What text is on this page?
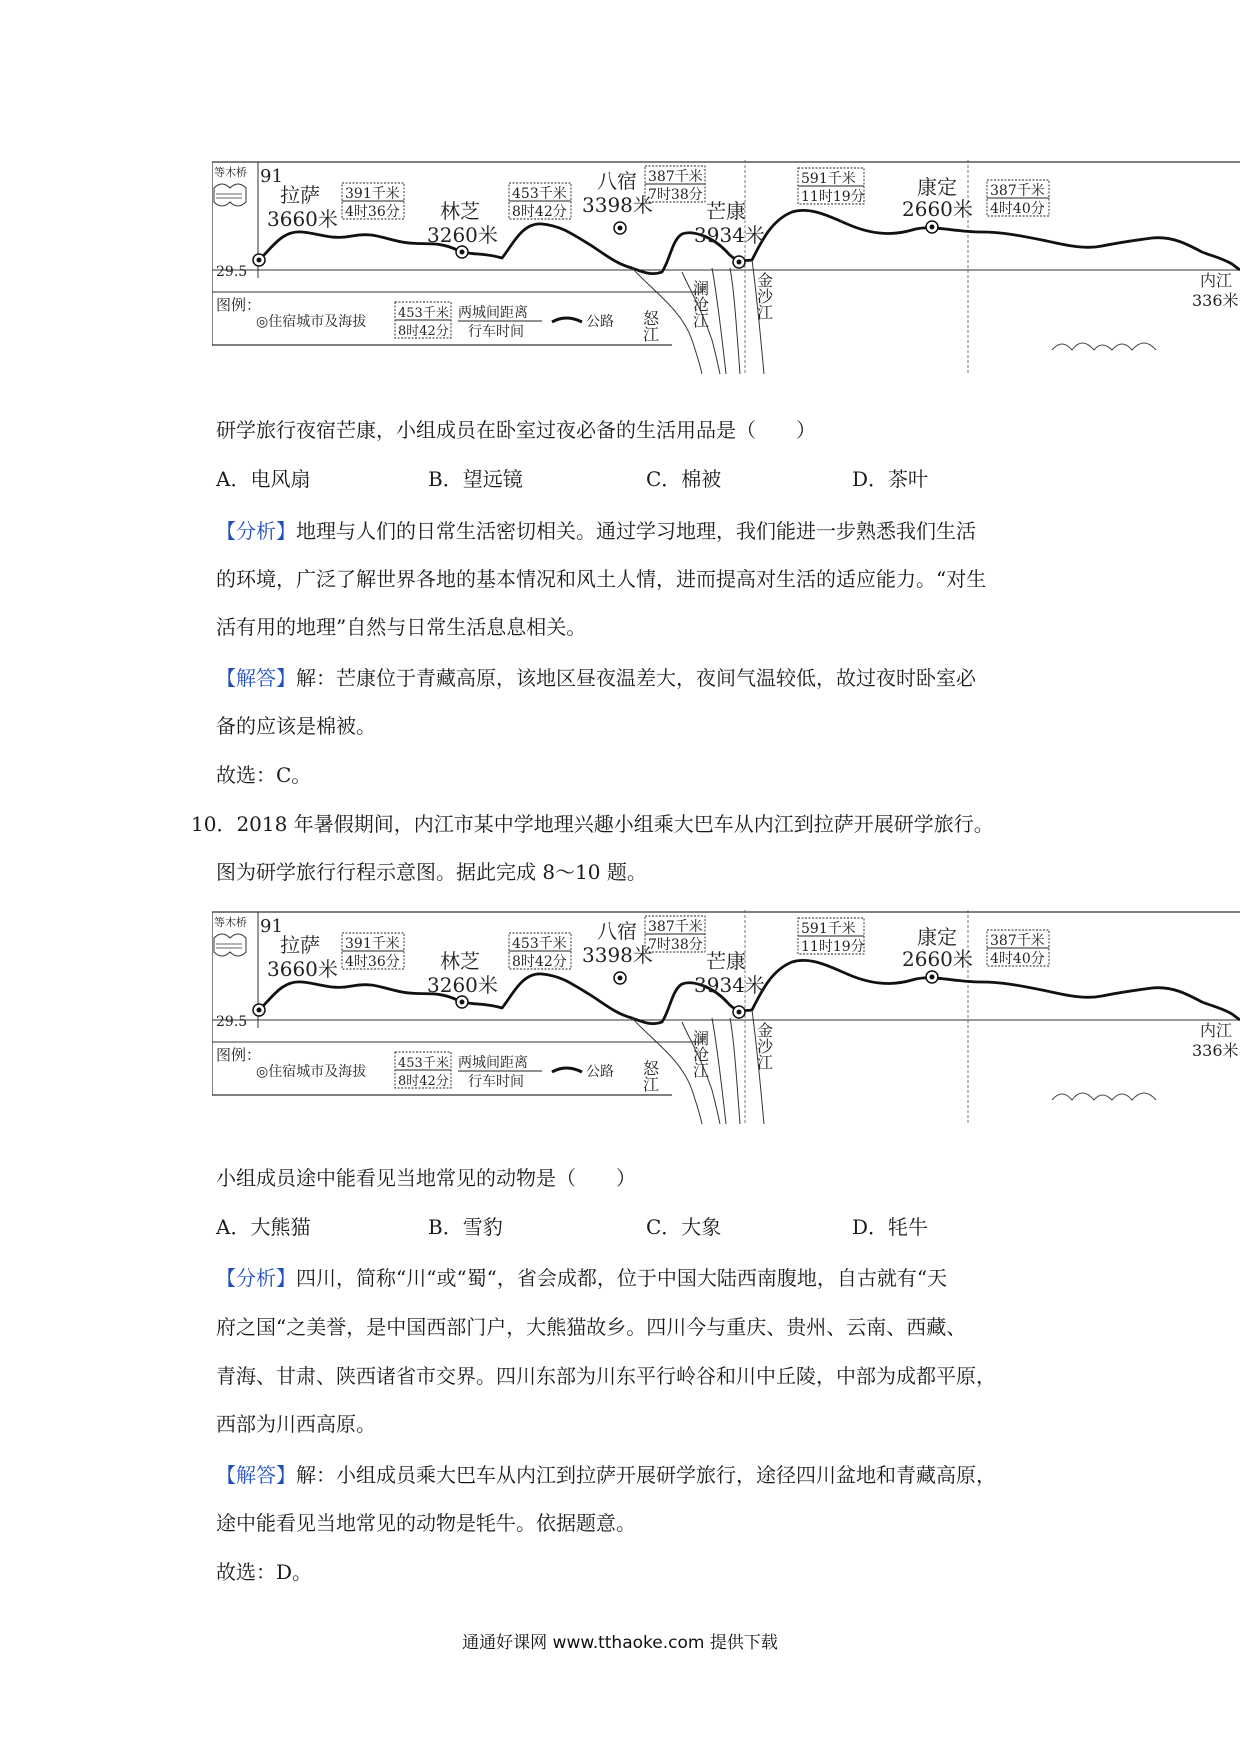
等木桥 91
29.5
拉萨
3660米	林芝
3260米
八宿
3398米	芒康
3934米
康定
2660米
内江
336米
391千米
4时36分
453千米
8时42分
387千米
7时38分
591千米
11时19分	387千米
4时40分
怒江 澜沧江	金沙江
图例：
◎住宿城市及海拔
453千米
8时42分
两城间距离
行车时间
公路
研学旅行夜宿芒康，小组成员在卧室过夜必备的生活用品是（　　）
A．电风扇	B．望远镜	C．棉被	D．茶叶
【分析】地理与人们的日常生活密切相关。通过学习地理，我们能进一步熟悉我们生活
的环境，广泛了解世界各地的基本情况和风土人情，进而提高对生活的适应能力。“对生
活有用的地理”自然与日常生活息息相关。
【解答】解：芒康位于青藏高原，该地区昼夜温差大，夜间气温较低，故过夜时卧室必
备的应该是棉被。
故选：C。
10．2018 年暑假期间，内江市某中学地理兴趣小组乘大巴车从内江到拉萨开展研学旅行。
图为研学旅行行程示意图。据此完成 8～10 题。
等木桥 91
29.5
拉萨
3660米	林芝
3260米
八宿
3398米	芒康
3934米
康定
2660米
内江
336米
391千米
4时36分
453千米
8时42分
387千米
7时38分
591千米
11时19分	387千米
4时40分
怒江 澜沧江	金沙江
图例：
◎住宿城市及海拔
453千米
8时42分
两城间距离
行车时间
公路
小组成员途中能看见当地常见的动物是（　　）
A．大熊猫	B．雪豹	C．大象	D．牦牛
【分析】四川，简称“川“或“蜀“，省会成都，位于中国大陆西南腹地，自古就有“天
府之国“之美誉，是中国西部门户，大熊猫故乡。四川今与重庆、贵州、云南、西藏、
青海、甘肃、陕西诸省市交界。四川东部为川东平行岭谷和川中丘陵，中部为成都平原，
西部为川西高原。
【解答】解：小组成员乘大巴车从内江到拉萨开展研学旅行，途径四川盆地和青藏高原，
途中能看见当地常见的动物是牦牛。依据题意。
故选：D。
通通好课网 www.tthaoke.com 提供下载
